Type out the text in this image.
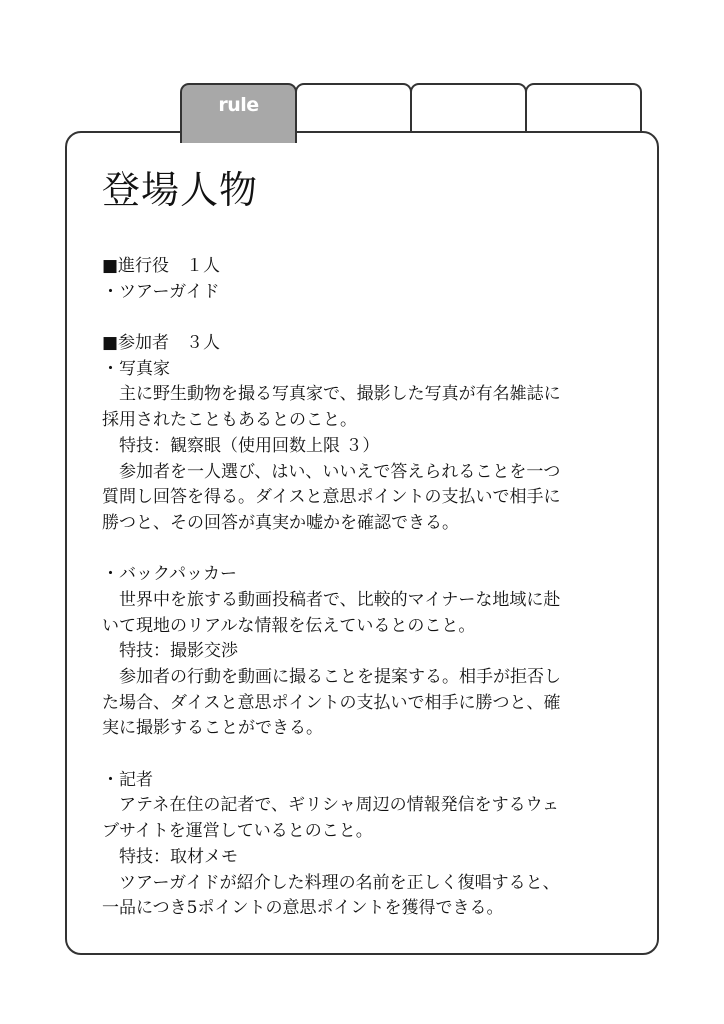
rule
登場人物
■進行役　１人
・ツアーガイド
■参加者　３人
・写真家
　主に野生動物を撮る写真家で、撮影した写真が有名雑誌に
採用されたこともあるとのこと。
　特技：観察眼（使用回数上限 ３）
　参加者を一人選び、はい、いいえで答えられることを一つ
質問し回答を得る。ダイスと意思ポイントの支払いで相手に
勝つと、その回答が真実か嘘かを確認できる。
・バックパッカー
　世界中を旅する動画投稿者で、比較的マイナーな地域に赴
いて現地のリアルな情報を伝えているとのこと。
　特技：撮影交渉
　参加者の行動を動画に撮ることを提案する。相手が拒否し
た場合、ダイスと意思ポイントの支払いで相手に勝つと、確
実に撮影することができる。
・記者
　アテネ在住の記者で、ギリシャ周辺の情報発信をするウェ
ブサイトを運営しているとのこと。
　特技：取材メモ
　ツアーガイドが紹介した料理の名前を正しく復唱すると、
一品につき5ポイントの意思ポイントを獲得できる。
